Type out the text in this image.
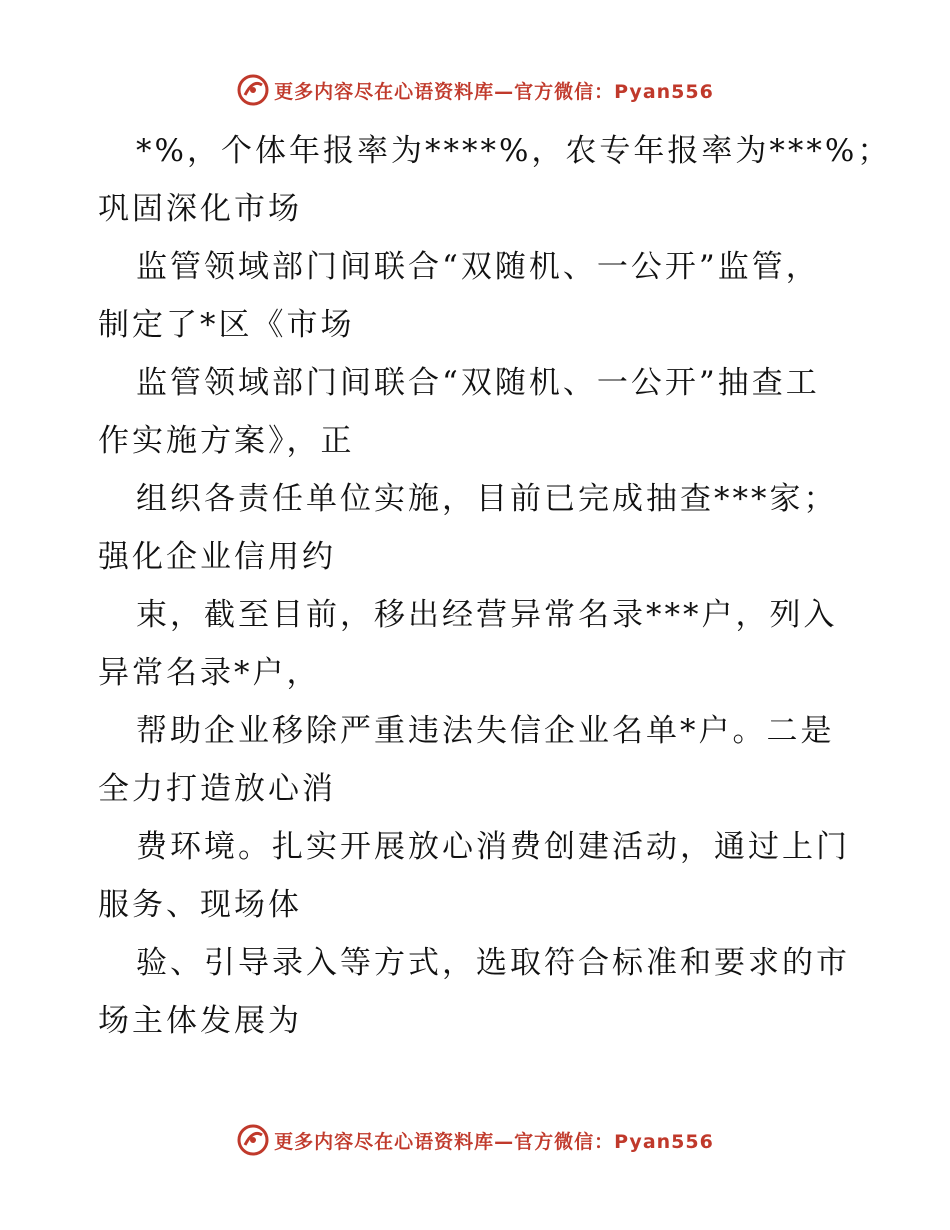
更多内容尽在心语资料库—官方微信：Pyan556
*%，个体年报率为****%，农专年报率为***%；
巩固深化市场
监管领域部门间联合“双随机、一公开”监管，
制定了*区《市场
监管领域部门间联合“双随机、一公开”抽查工
作实施方案》，正
组织各责任单位实施，目前已完成抽查***家；
强化企业信用约
束，截至目前，移出经营异常名录***户，列入
异常名录*户，
帮助企业移除严重违法失信企业名单*户。二是
全力打造放心消
费环境。扎实开展放心消费创建活动，通过上门
服务、现场体
验、引导录入等方式，选取符合标准和要求的市
场主体发展为
更多内容尽在心语资料库—官方微信：Pyan556
